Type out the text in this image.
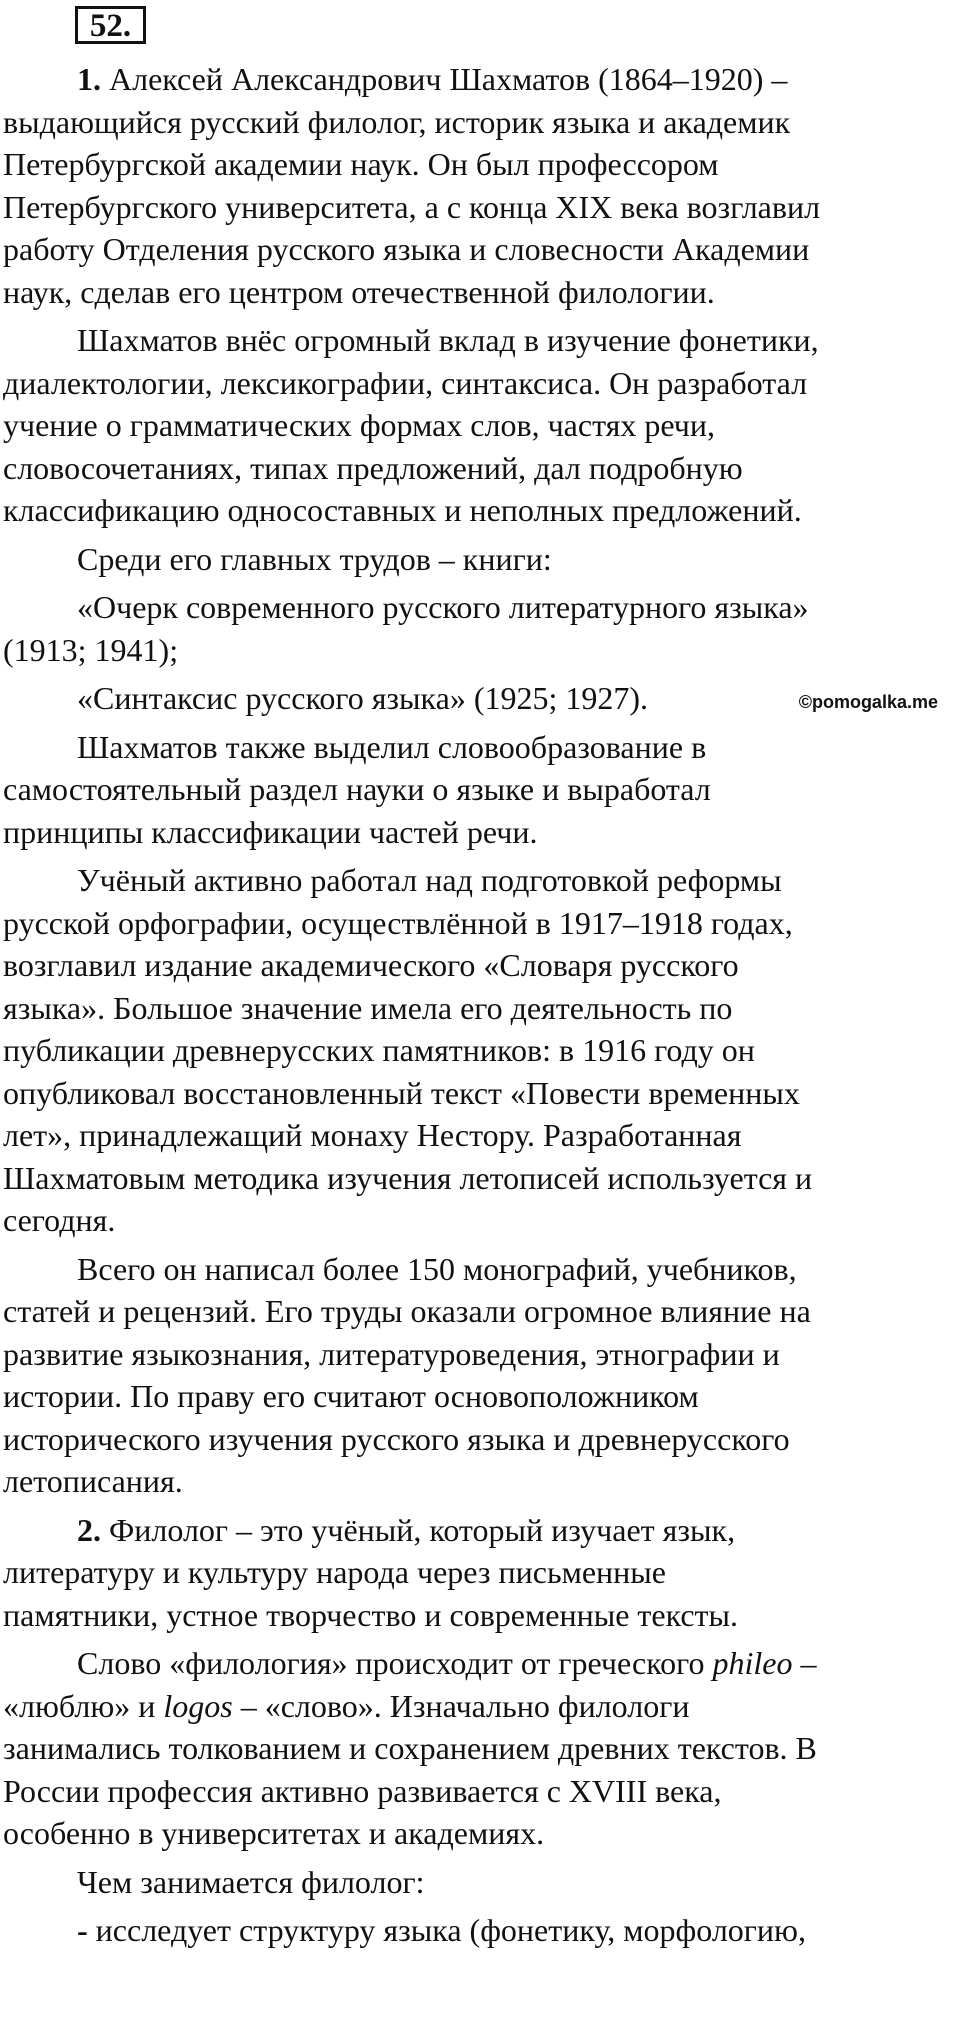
52.
©pomogalka.me
1. Алексей Александрович Шахматов (1864–1920) –
выдающийся русский филолог, историк языка и академик
Петербургской академии наук. Он был профессором
Петербургского университета, а с конца XIX века возглавил
работу Отделения русского языка и словесности Академии
наук, сделав его центром отечественной филологии.
Шахматов внёс огромный вклад в изучение фонетики,
диалектологии, лексикографии, синтаксиса. Он разработал
учение о грамматических формах слов, частях речи,
словосочетаниях, типах предложений, дал подробную
классификацию односоставных и неполных предложений.
Среди его главных трудов – книги:
«Очерк современного русского литературного языка»
(1913; 1941);
«Синтаксис русского языка» (1925; 1927).
Шахматов также выделил словообразование в
самостоятельный раздел науки о языке и выработал
принципы классификации частей речи.
Учёный активно работал над подготовкой реформы
русской орфографии, осуществлённой в 1917–1918 годах,
возглавил издание академического «Словаря русского
языка». Большое значение имела его деятельность по
публикации древнерусских памятников: в 1916 году он
опубликовал восстановленный текст «Повести временных
лет», принадлежащий монаху Нестору. Разработанная
Шахматовым методика изучения летописей используется и
сегодня.
Всего он написал более 150 монографий, учебников,
статей и рецензий. Его труды оказали огромное влияние на
развитие языкознания, литературоведения, этнографии и
истории. По праву его считают основоположником
исторического изучения русского языка и древнерусского
летописания.
2. Филолог – это учёный, который изучает язык,
литературу и культуру народа через письменные
памятники, устное творчество и современные тексты.
Слово «филология» происходит от греческого phileo –
«люблю» и logos – «слово». Изначально филологи
занимались толкованием и сохранением древних текстов. В
России профессия активно развивается с XVIII века,
особенно в университетах и академиях.
Чем занимается филолог:
- исследует структуру языка (фонетику, морфологию,
